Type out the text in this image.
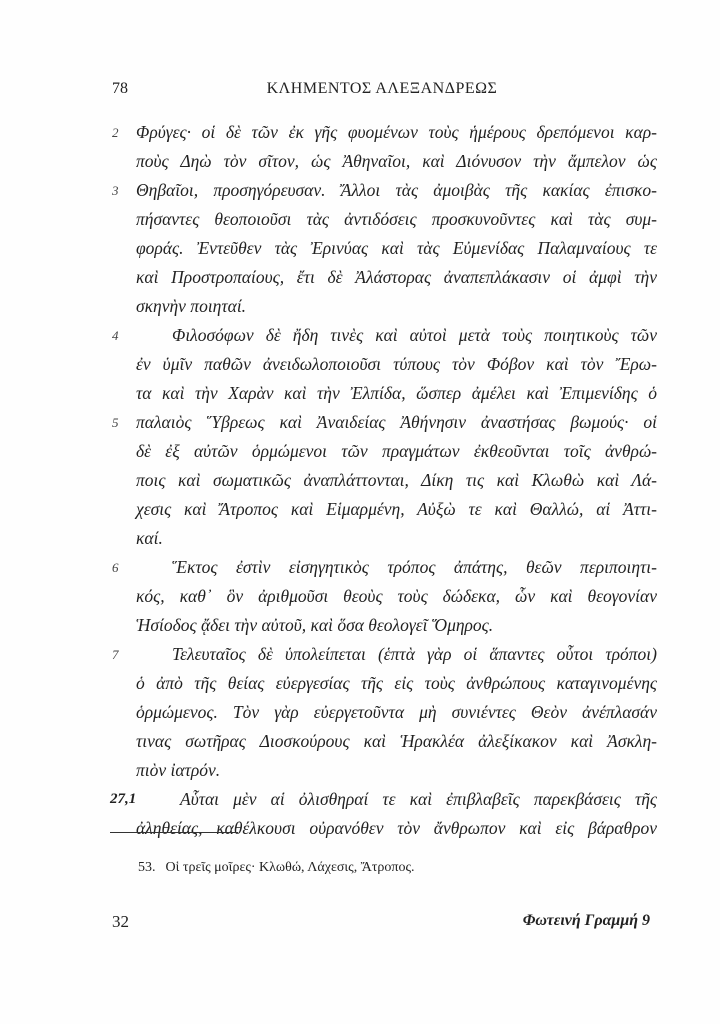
78	ΚΛΗΜΕΝΤΟΣ ΑΛΕΞΑΝΔΡΕΩΣ
2	Φρύγες· οἱ δὲ τῶν ἐκ γῆς φυομένων τοὺς ἡμέρους δρεπόμενοι καρ-
ποὺς Δηὼ τὸν σῖτον, ὡς Ἀθηναῖοι, καὶ Διόνυσον τὴν ἄμπελον ὡς
3	Θηβαῖοι, προσηγόρευσαν. Ἄλλοι τὰς ἀμοιβὰς τῆς κακίας ἐπισκο-
πήσαντες θεοποιοῦσι τὰς ἀντιδόσεις προσκυνοῦντες καὶ τὰς συμ-
φοράς. Ἐντεῦθεν τὰς Ἐρινύας καὶ τὰς Εὐμενίδας Παλαμναίους τε
καὶ Προστροπαίους, ἔτι δὲ Ἀλάστορας ἀναπεπλάκασιν οἱ ἀμφὶ τὴν
σκηνὴν ποιηταί.
4	Φιλοσόφων δὲ ἤδη τινὲς καὶ αὐτοὶ μετὰ τοὺς ποιητικοὺς τῶν
ἐν ὑμῖν παθῶν ἀνειδωλοποιοῦσι τύπους τὸν Φόβον καὶ τὸν Ἔρω-
τα καὶ τὴν Χαρὰν καὶ τὴν Ἐλπίδα, ὥσπερ ἀμέλει καὶ Ἐπιμενίδης ὁ
5	παλαιὸς Ὕβρεως καὶ Ἀναιδείας Ἀθήνησιν ἀναστήσας βωμούς· οἱ
δὲ ἐξ αὐτῶν ὁρμώμενοι τῶν πραγμάτων ἐκθεοῦνται τοῖς ἀνθρώ-
ποις καὶ σωματικῶς ἀναπλάττονται, Δίκη τις καὶ Κλωθὼ καὶ Λά-
χεσις καὶ Ἄτροπος καὶ Εἱμαρμένη, Αὐξὼ τε καὶ Θαλλώ, αἱ Ἀττι-
καί.
6	Ἕκτος ἐστὶν εἰσηγητικὸς τρόπος ἀπάτης, θεῶν περιποιητι-
κός, καθ᾽ ὃν ἀριθμοῦσι θεοὺς τοὺς δώδεκα, ὧν καὶ θεογονίαν
Ἡσίοδος ᾄδει τὴν αὐτοῦ, καὶ ὅσα θεολογεῖ Ὅμηρος.
7	Τελευταῖος δὲ ὑπολείπεται (ἑπτὰ γὰρ οἱ ἅπαντες οὗτοι τρόποι)
ὁ ἀπὸ τῆς θείας εὐεργεσίας τῆς εἰς τοὺς ἀνθρώπους καταγινομένης
ὁρμώμενος. Τὸν γὰρ εὐεργετοῦντα μὴ συνιέντες Θεὸν ἀνέπλασάν
τινας σωτῆρας Διοσκούρους καὶ Ἡρακλέα ἀλεξίκακον καὶ Ἀσκλη-
πιὸν ἰατρόν.
27,1	Αὗται μὲν αἱ ὀλισθηραί τε καὶ ἐπιβλαβεῖς παρεκβάσεις τῆς
ἀληθείας, καθέλκουσι οὐρανόθεν τὸν ἄνθρωπον καὶ εἰς βάραθρον
53. Οἱ τρεῖς μοῖρες· Κλωθώ, Λάχεσις, Ἄτροπος.
32	Φωτεινή Γραμμή 9
